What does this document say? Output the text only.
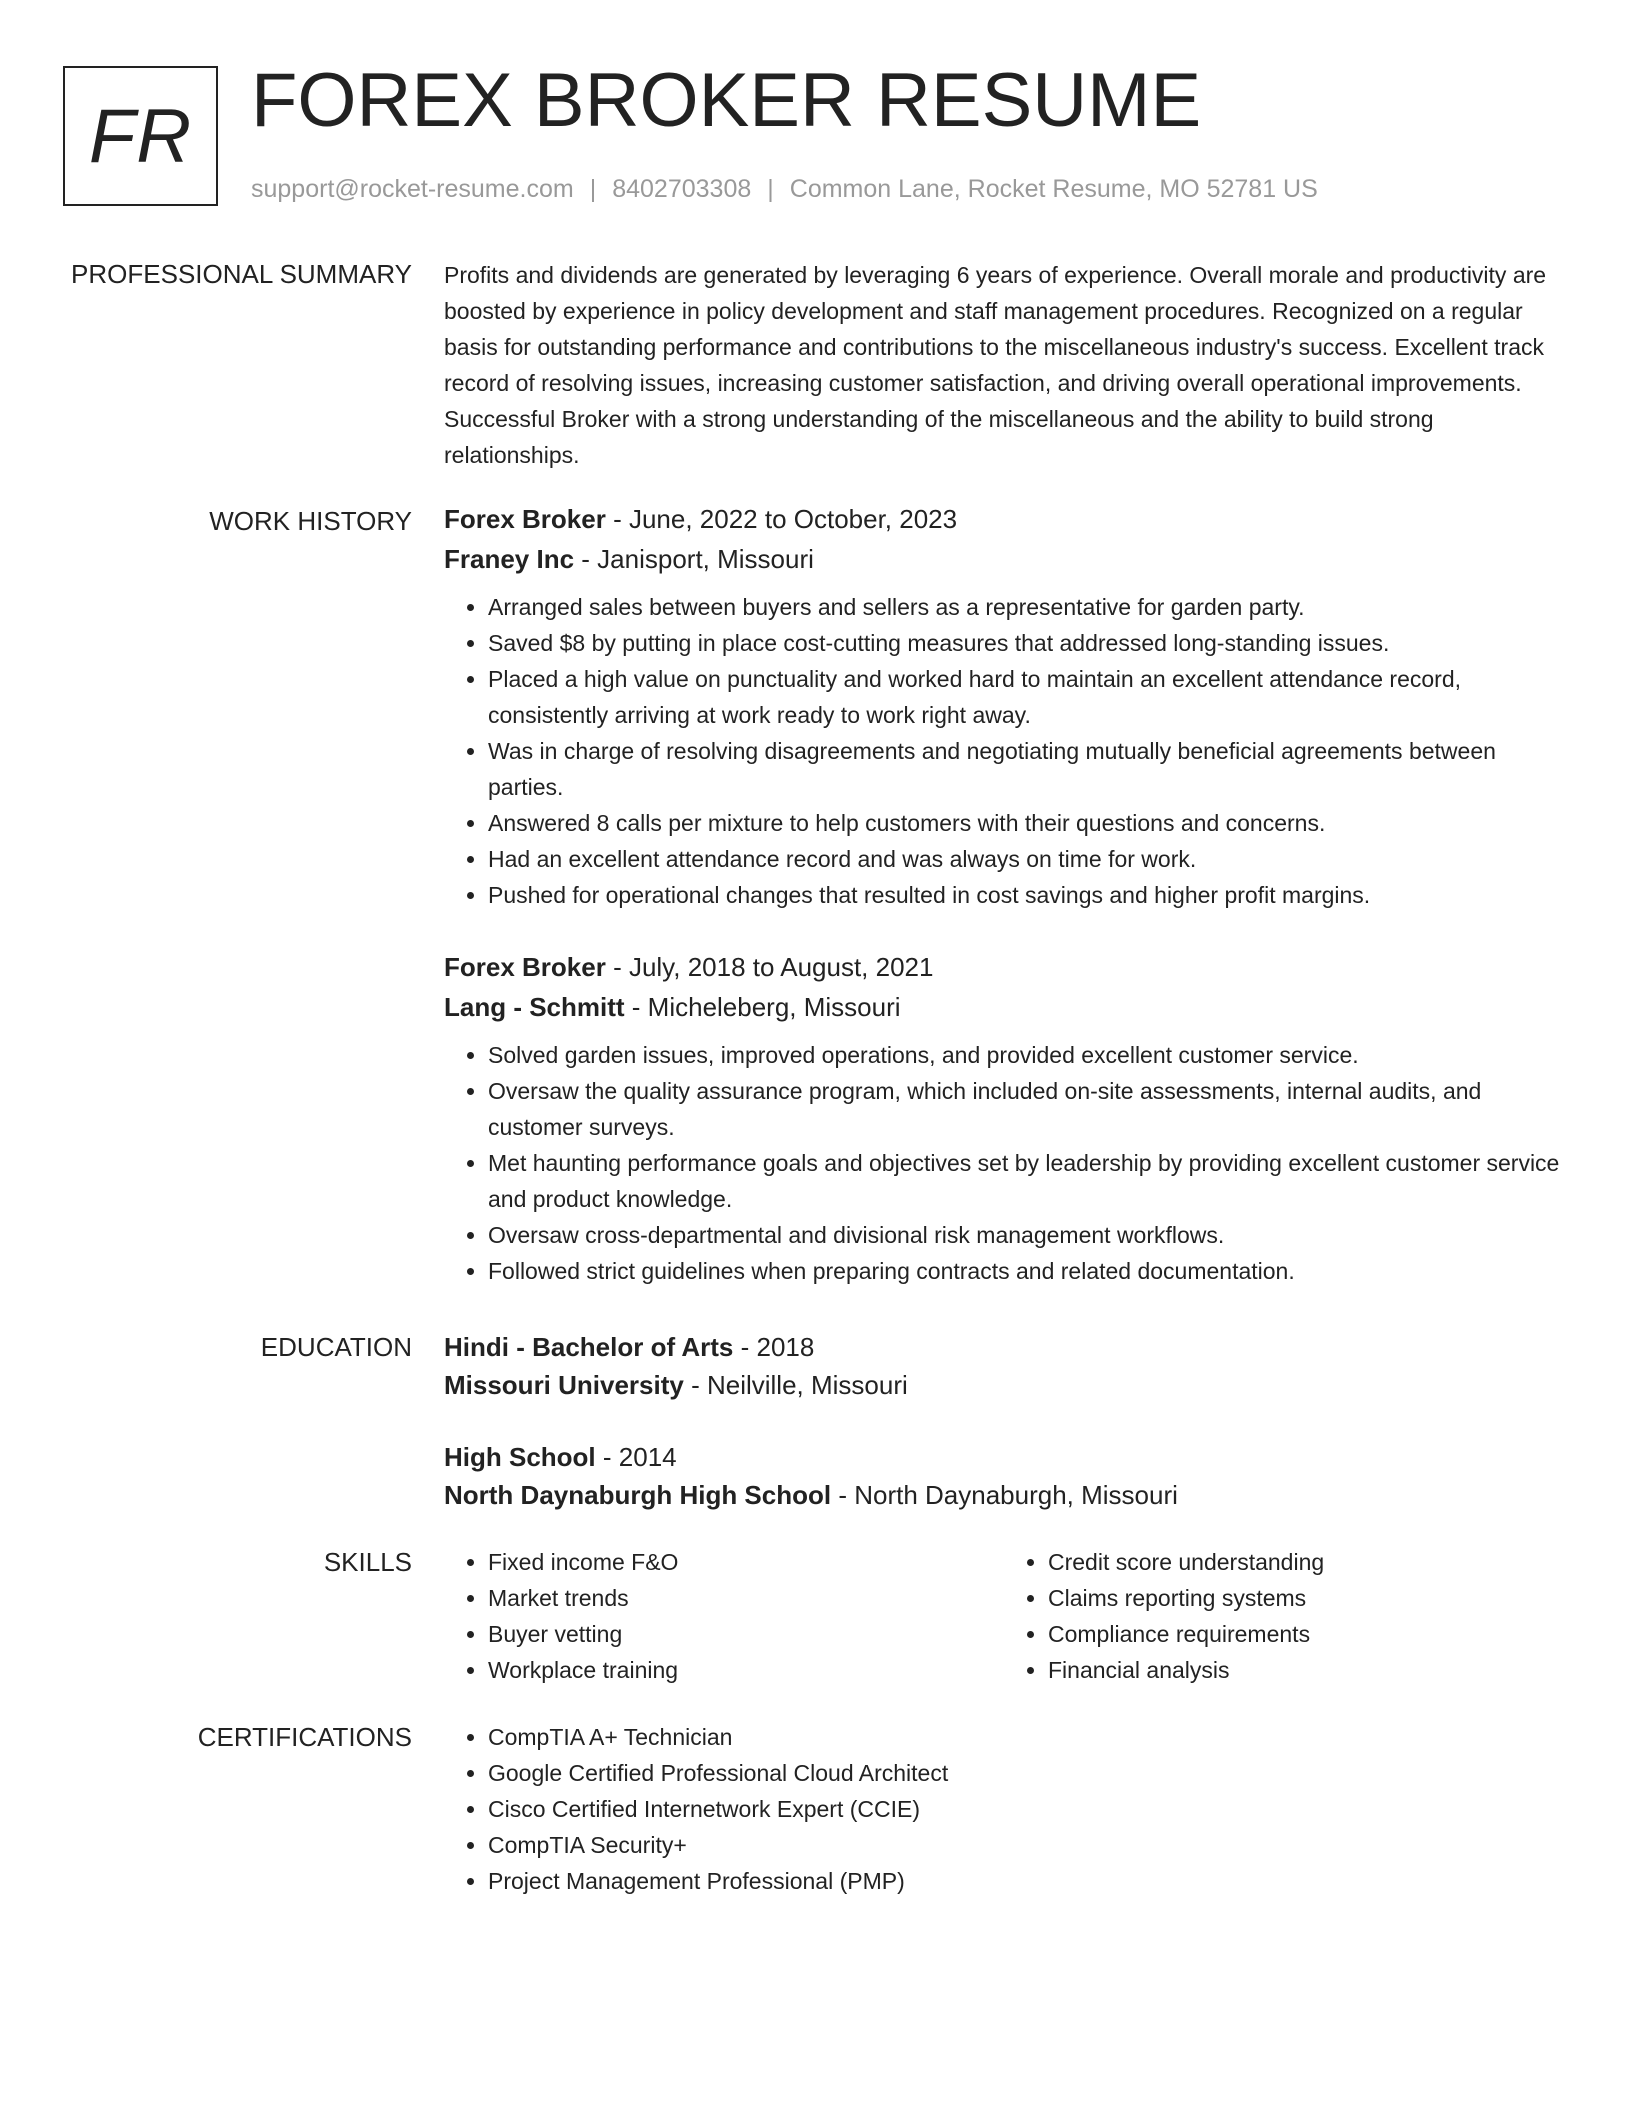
FR FOREX BROKER RESUME
support@rocket-resume.com | 8402703308 | Common Lane, Rocket Resume, MO 52781 US
PROFESSIONAL SUMMARY Profits and dividends are generated by leveraging 6 years of experience. Overall morale and productivity are boosted by experience in policy development and staff management procedures. Recognized on a regular basis for outstanding performance and contributions to the miscellaneous industry's success. Excellent track record of resolving issues, increasing customer satisfaction, and driving overall operational improvements. Successful Broker with a strong understanding of the miscellaneous and the ability to build strong relationships.

WORK HISTORY Forex Broker - June, 2022 to October, 2023

Franey Inc - Janisport, Missouri

• Arranged sales between buyers and sellers as a representative for garden party.
• Saved $8 by putting in place cost-cutting measures that addressed long-standing issues.
• Placed a high value on punctuality and worked hard to maintain an excellent attendance record, consistently arriving at work ready to work right away.
• Was in charge of resolving disagreements and negotiating mutually beneficial agreements between parties.
• Answered 8 calls per mixture to help customers with their questions and concerns.
• Had an excellent attendance record and was always on time for work.
• Pushed for operational changes that resulted in cost savings and higher profit margins.

Forex Broker - July, 2018 to August, 2021

Lang - Schmitt - Micheleberg, Missouri

• Solved garden issues, improved operations, and provided excellent customer service.
• Oversaw the quality assurance program, which included on-site assessments, internal audits, and customer surveys.
• Met haunting performance goals and objectives set by leadership by providing excellent customer service and product knowledge.
• Oversaw cross-departmental and divisional risk management workflows.
• Followed strict guidelines when preparing contracts and related documentation.
EDUCATION Hindi - Bachelor of Arts - 2018

Missouri University - Neilville, Missouri

High School - 2014

North Daynaburgh High School - North Daynaburgh, Missouri

SKILLS	• Fixed income F&O
• Market trends
• Buyer vetting
• Workplace training
• Credit score understanding
• Claims reporting systems
• Compliance requirements
• Financial analysis
CERTIFICATIONS	• CompTIA A+ Technician
• Google Certified Professional Cloud Architect
• Cisco Certified Internetwork Expert (CCIE)
• CompTIA Security+
• Project Management Professional (PMP)
